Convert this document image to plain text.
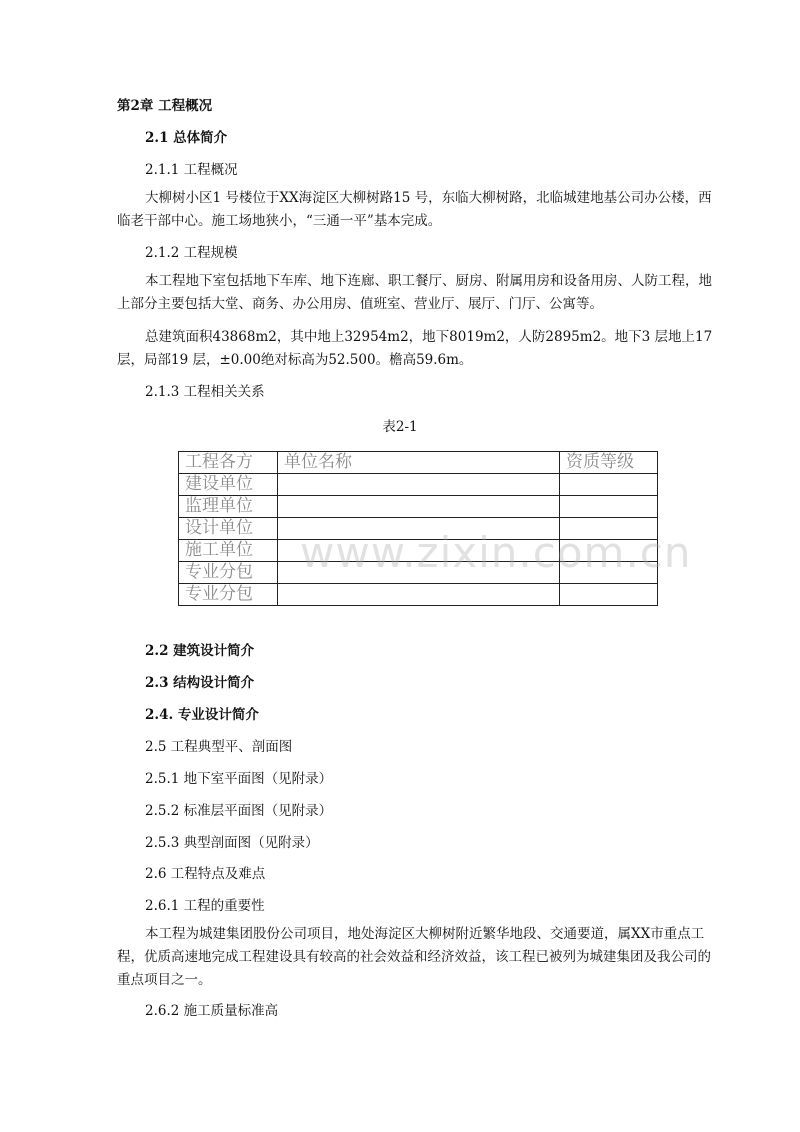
第2章 工程概况
2.1 总体简介
2.1.1 工程概况
大柳树小区1 号楼位于XX海淀区大柳树路15 号，东临大柳树路，北临城建地基公司办公楼，西临老干部中心。施工场地狭小，“三通一平”基本完成。
2.1.2 工程规模
本工程地下室包括地下车库、地下连廊、职工餐厅、厨房、附属用房和设备用房、人防工程，地上部分主要包括大堂、商务、办公用房、值班室、营业厅、展厅、门厅、公寓等。
总建筑面积43868m2，其中地上32954m2，地下8019m2，人防2895m2。地下3 层地上17 层，局部19 层，±0.00绝对标高为52.500。檐高59.6m。
2.1.3 工程相关关系
表2-1
工程各方	单位名称	资质等级
建设单位		
监理单位		
设计单位		
施工单位		
专业分包		
专业分包		
www.zixin.com.cn
2.2 建筑设计简介
2.3 结构设计简介
2.4. 专业设计简介
2.5 工程典型平、剖面图
2.5.1 地下室平面图（见附录）
2.5.2 标准层平面图（见附录）
2.5.3 典型剖面图（见附录）
2.6 工程特点及难点
2.6.1 工程的重要性
本工程为城建集团股份公司项目，地处海淀区大柳树附近繁华地段、交通要道，属XX市重点工程，优质高速地完成工程建设具有较高的社会效益和经济效益，该工程已被列为城建集团及我公司的重点项目之一。
2.6.2 施工质量标准高
